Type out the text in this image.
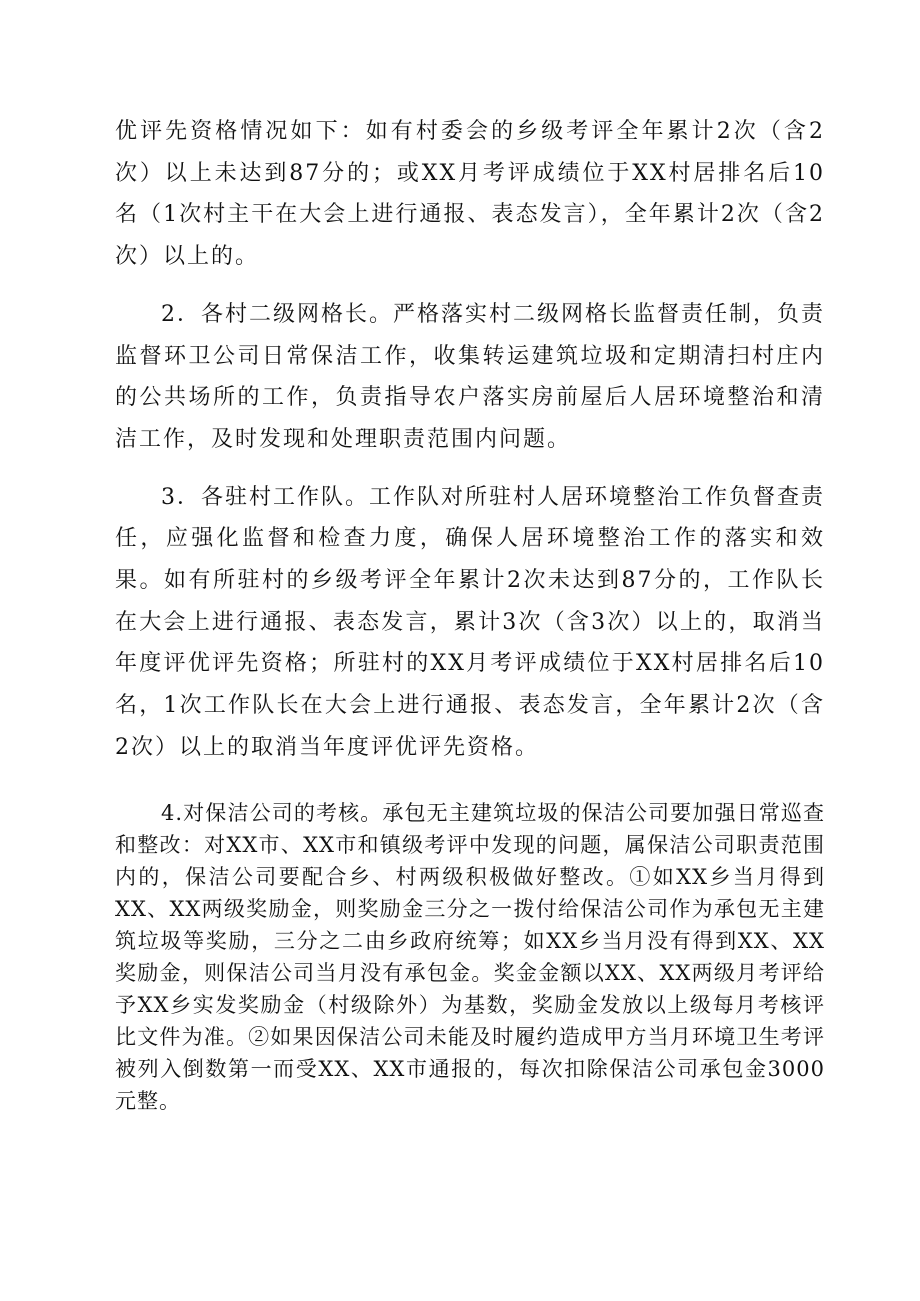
优评先资格情况如下：如有村委会的乡级考评全年累计2次（含2次）以上未达到87分的；或XX月考评成绩位于XX村居排名后10名（1次村主干在大会上进行通报、表态发言），全年累计2次（含2次）以上的。

2．各村二级网格长。严格落实村二级网格长监督责任制，负责监督环卫公司日常保洁工作，收集转运建筑垃圾和定期清扫村庄内的公共场所的工作，负责指导农户落实房前屋后人居环境整治和清洁工作，及时发现和处理职责范围内问题。

3．各驻村工作队。工作队对所驻村人居环境整治工作负督查责任，应强化监督和检查力度，确保人居环境整治工作的落实和效果。如有所驻村的乡级考评全年累计2次未达到87分的，工作队长在大会上进行通报、表态发言，累计3次（含3次）以上的，取消当年度评优评先资格；所驻村的XX月考评成绩位于XX村居排名后10名，1次工作队长在大会上进行通报、表态发言，全年累计2次（含2次）以上的取消当年度评优评先资格。

4.对保洁公司的考核。承包无主建筑垃圾的保洁公司要加强日常巡查和整改：对XX市、XX市和镇级考评中发现的问题，属保洁公司职责范围内的，保洁公司要配合乡、村两级积极做好整改。①如XX乡当月得到XX、XX两级奖励金，则奖励金三分之一拨付给保洁公司作为承包无主建筑垃圾等奖励，三分之二由乡政府统筹；如XX乡当月没有得到XX、XX奖励金，则保洁公司当月没有承包金。奖金金额以XX、XX两级月考评给予XX乡实发奖励金（村级除外）为基数，奖励金发放以上级每月考核评比文件为准。②如果因保洁公司未能及时履约造成甲方当月环境卫生考评被列入倒数第一而受XX、XX市通报的，每次扣除保洁公司承包金3000元整。
